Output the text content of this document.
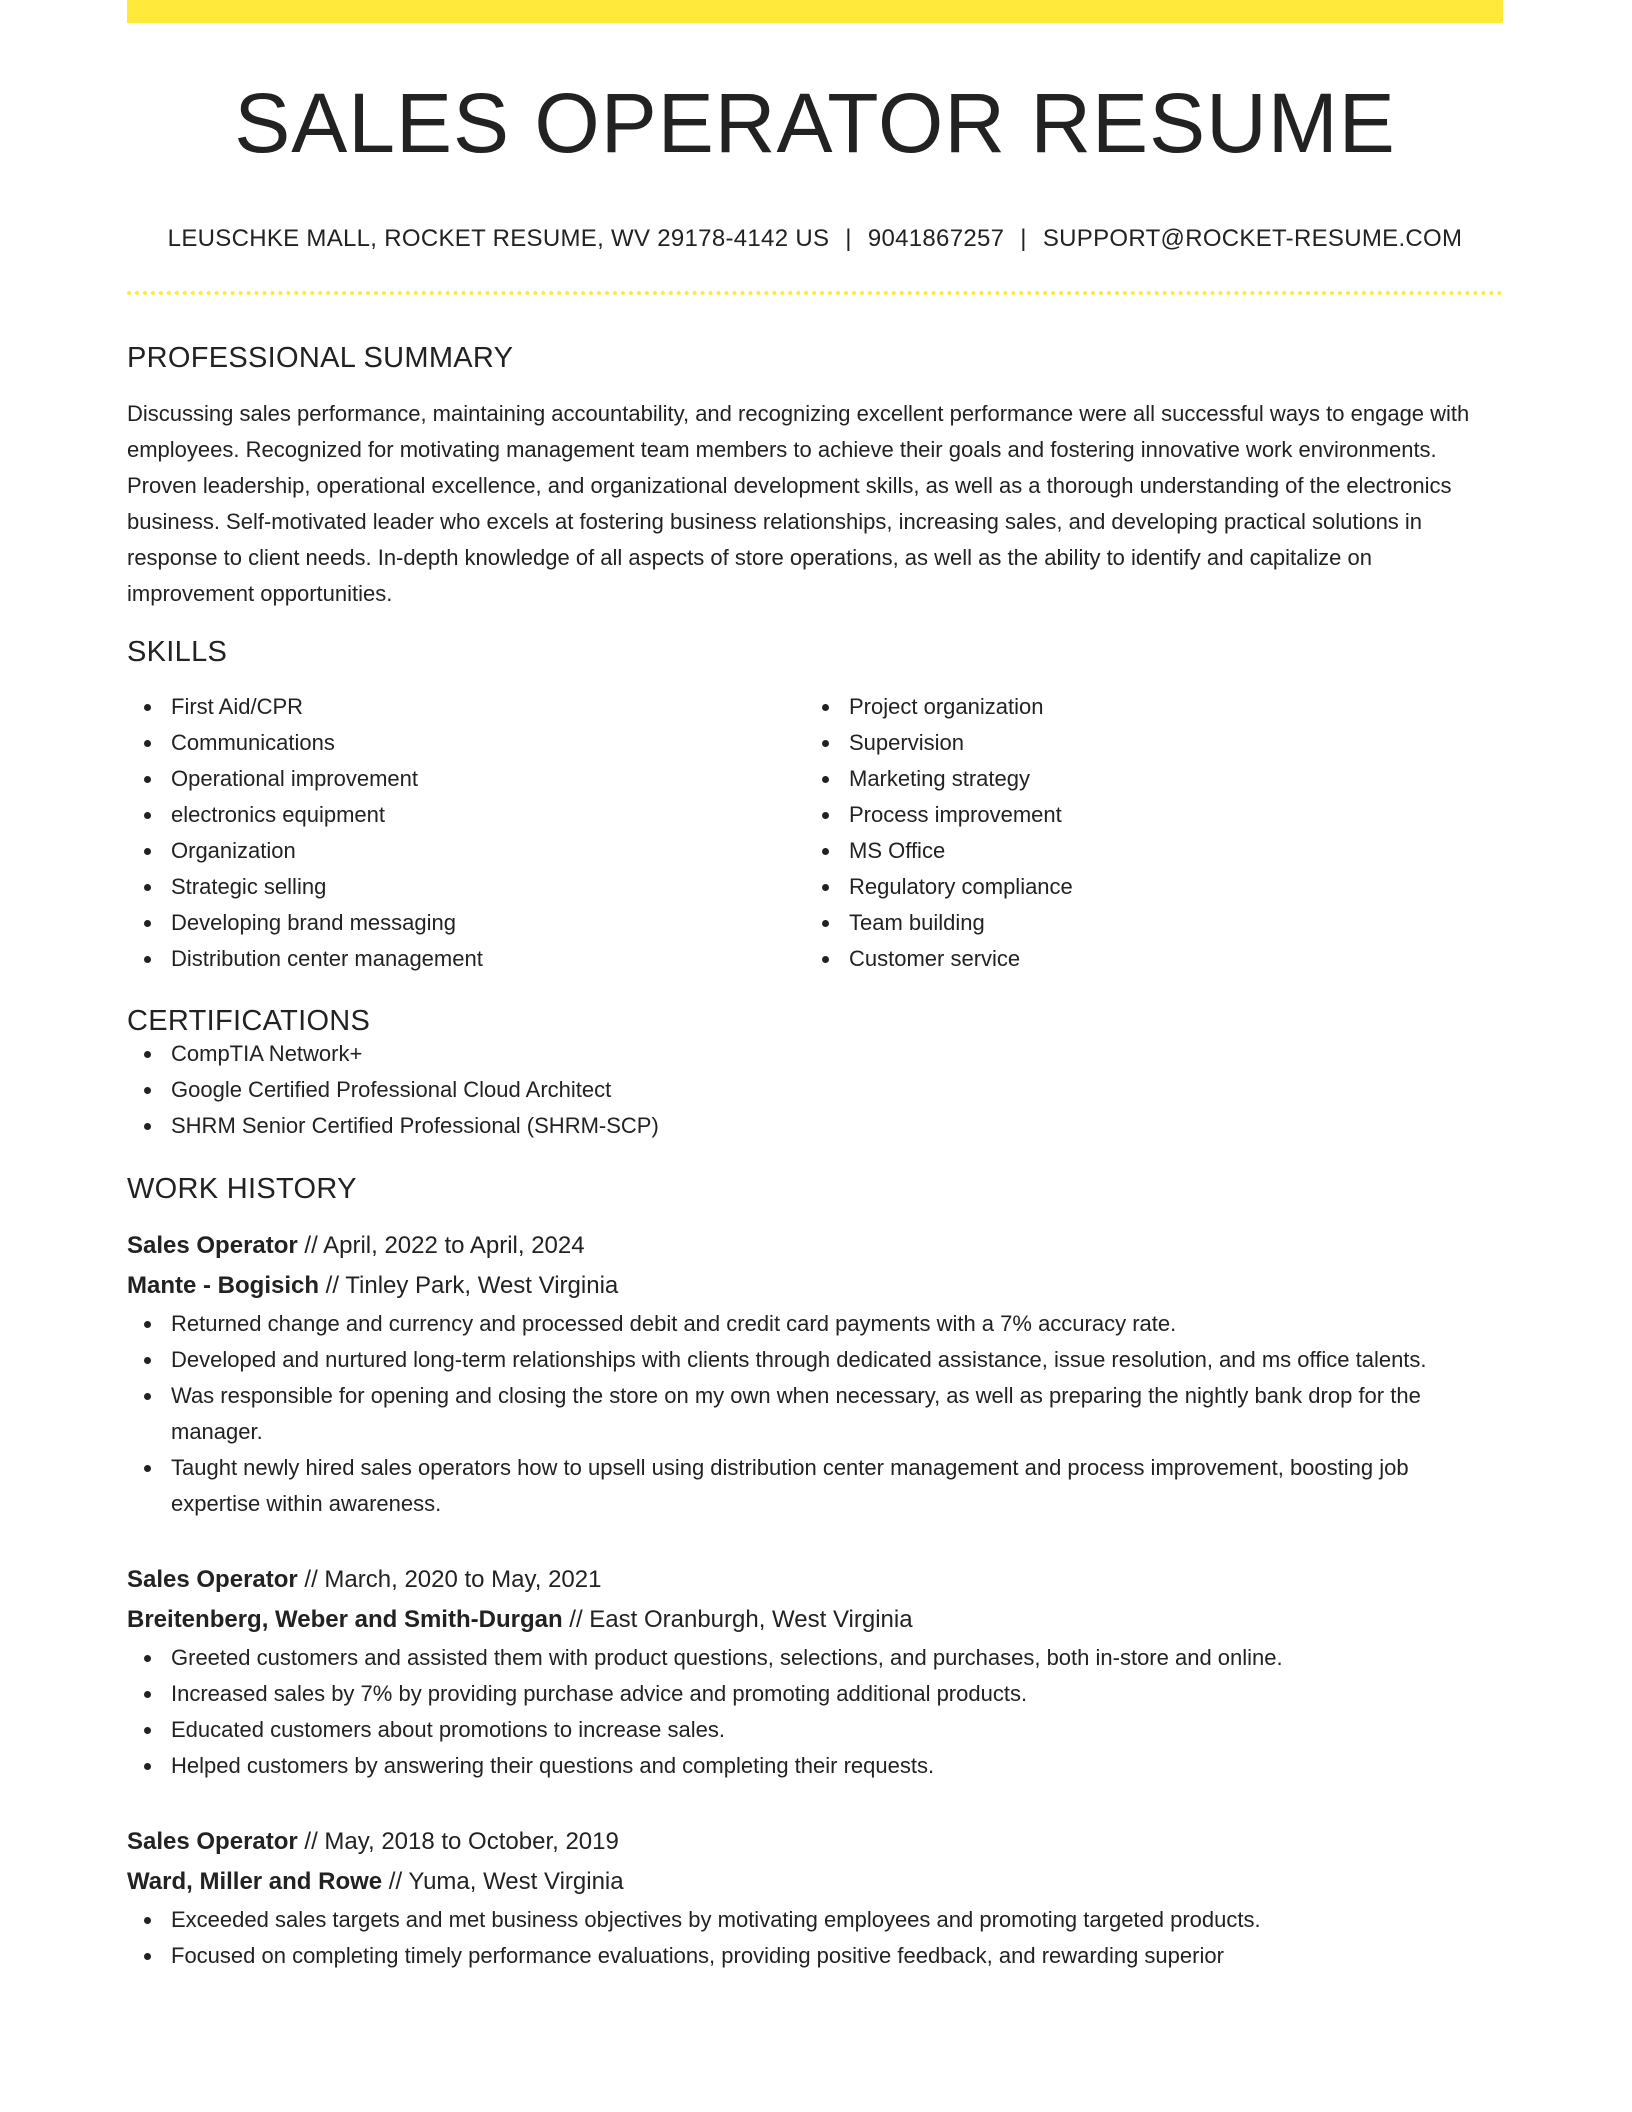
SALES OPERATOR RESUME
LEUSCHKE MALL, ROCKET RESUME, WV 29178-4142 US | 9041867257 | SUPPORT@ROCKET-RESUME.COM
PROFESSIONAL SUMMARY

Discussing sales performance, maintaining accountability, and recognizing excellent performance were all successful ways to engage with employees. Recognized for motivating management team members to achieve their goals and fostering innovative work environments. Proven leadership, operational excellence, and organizational development skills, as well as a thorough understanding of the electronics business. Self-motivated leader who excels at fostering business relationships, increasing sales, and developing practical solutions in response to client needs. In-depth knowledge of all aspects of store operations, as well as the ability to identify and capitalize on improvement opportunities.

SKILLS
First Aid/CPR
Communications
Operational improvement
electronics equipment
Organization
Strategic selling
Developing brand messaging
Distribution center management
Project organization
Supervision
Marketing strategy
Process improvement
MS Office
Regulatory compliance
Team building
Customer service
CERTIFICATIONS
CompTIA Network+
Google Certified Professional Cloud Architect
SHRM Senior Certified Professional (SHRM-SCP)
WORK HISTORY
Sales Operator // April, 2022 to April, 2024
Mante - Bogisich // Tinley Park, West Virginia
Returned change and currency and processed debit and credit card payments with a 7% accuracy rate.
Developed and nurtured long-term relationships with clients through dedicated assistance, issue resolution, and ms office talents.
Was responsible for opening and closing the store on my own when necessary, as well as preparing the nightly bank drop for the manager.
Taught newly hired sales operators how to upsell using distribution center management and process improvement, boosting job expertise within awareness.
Sales Operator // March, 2020 to May, 2021
Breitenberg, Weber and Smith-Durgan // East Oranburgh, West Virginia
Greeted customers and assisted them with product questions, selections, and purchases, both in-store and online.
Increased sales by 7% by providing purchase advice and promoting additional products.
Educated customers about promotions to increase sales.
Helped customers by answering their questions and completing their requests.
Sales Operator // May, 2018 to October, 2019
Ward, Miller and Rowe // Yuma, West Virginia
Exceeded sales targets and met business objectives by motivating employees and promoting targeted products.
Focused on completing timely performance evaluations, providing positive feedback, and rewarding superior
